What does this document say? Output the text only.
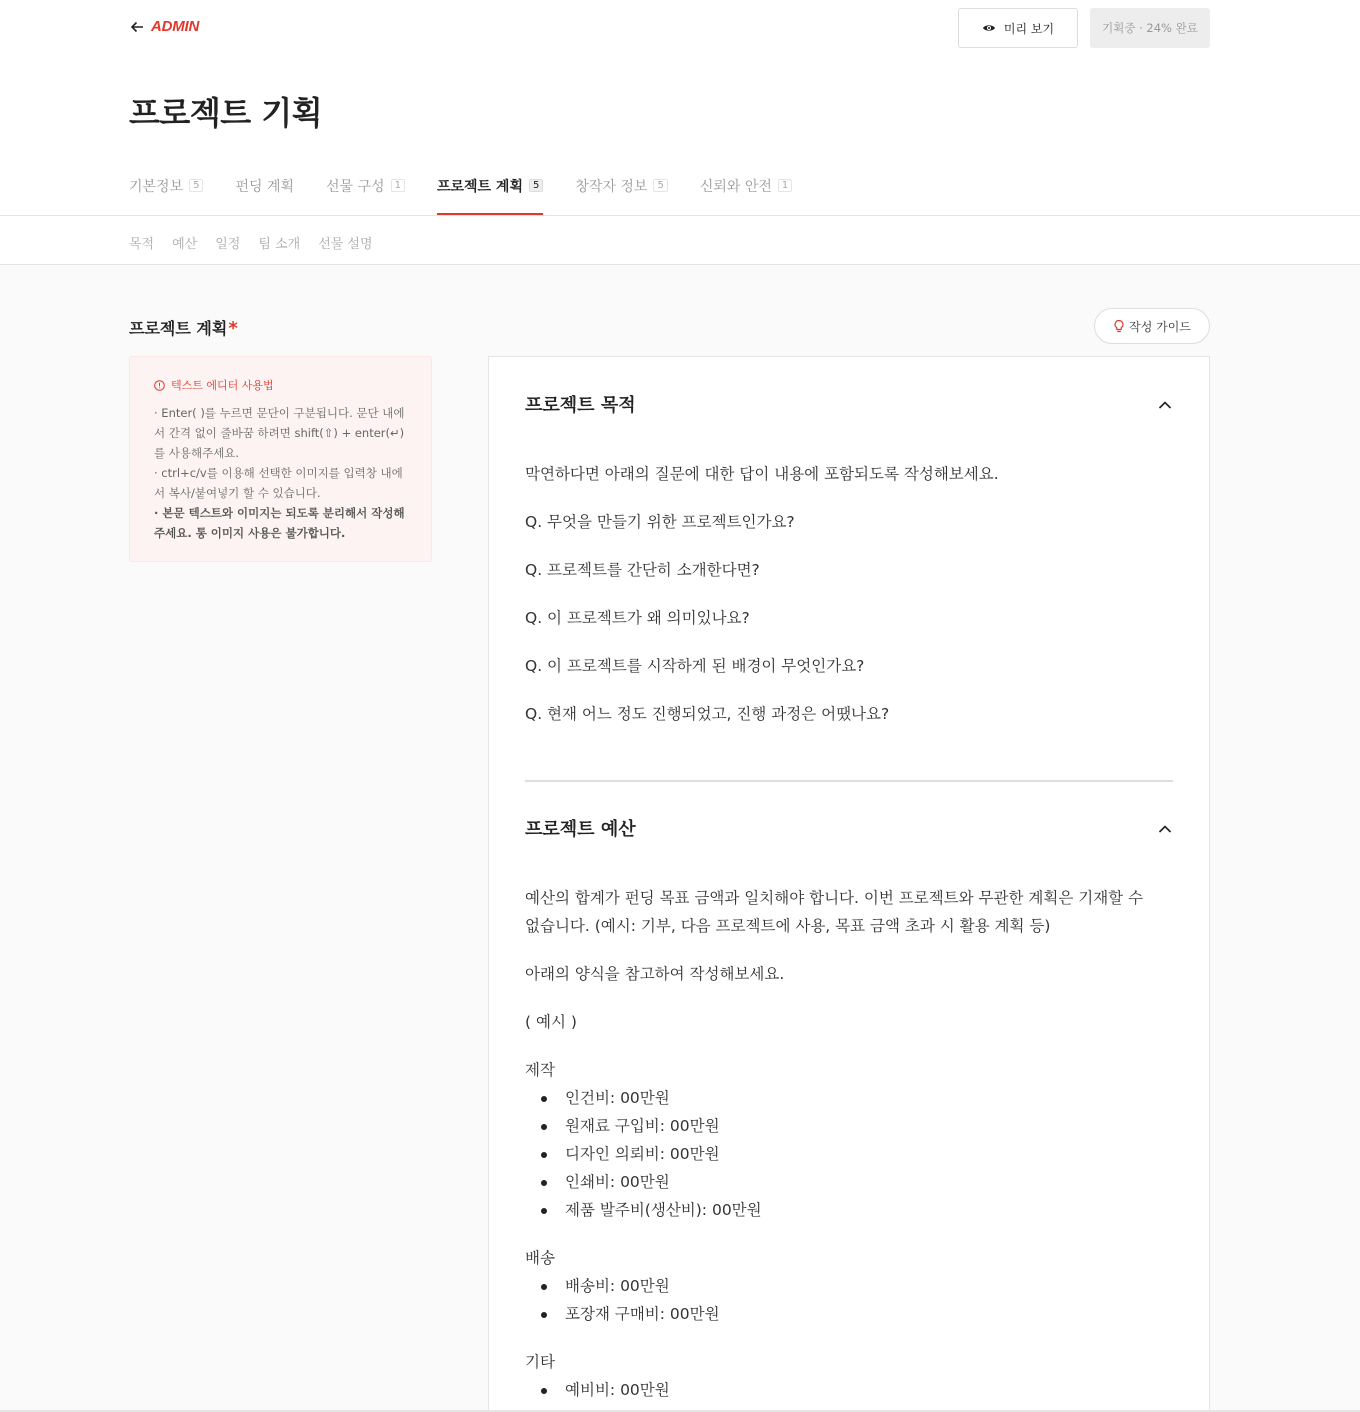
ADMIN	미리 보기	기획중 · 24% 완료
프로젝트 기획
기본정보	5	펀딩 계획 선물 구성	1	프로젝트 계획	5	창작자 정보	5	신뢰와 안전	1
목적 예산 일정 팀 소개 선물 설명
프로젝트 계획*	작성 가이드
텍스트 에디터 사용법
· Enter( )를 누르면 문단이 구분됩니다. 문단 내에
서 간격 없이 줄바꿈 하려면 shift(⇧) + enter(↵)
를 사용해주세요.
· ctrl+c/v를 이용해 선택한 이미지를 입력창 내에
서 복사/붙여넣기 할 수 있습니다.
· 본문 텍스트와 이미지는 되도록 분리해서 작성해
주세요. 통 이미지 사용은 불가합니다.
프로젝트 목적
막연하다면 아래의 질문에 대한 답이 내용에 포함되도록 작성해보세요.
Q. 무엇을 만들기 위한 프로젝트인가요?
Q. 프로젝트를 간단히 소개한다면?
Q. 이 프로젝트가 왜 의미있나요?
Q. 이 프로젝트를 시작하게 된 배경이 무엇인가요?
Q. 현재 어느 정도 진행되었고, 진행 과정은 어땠나요?
프로젝트 예산
예산의 합계가 펀딩 목표 금액과 일치해야 합니다. 이번 프로젝트와 무관한 계획은 기재할 수
없습니다. (예시: 기부, 다음 프로젝트에 사용, 목표 금액 초과 시 활용 계획 등)
아래의 양식을 참고하여 작성해보세요.
( 예시 )
제작
인건비: 00만원
원재료 구입비: 00만원
디자인 의뢰비: 00만원
인쇄비: 00만원
제품 발주비(생산비): 00만원
배송
배송비: 00만원
포장재 구매비: 00만원
기타
예비비: 00만원
